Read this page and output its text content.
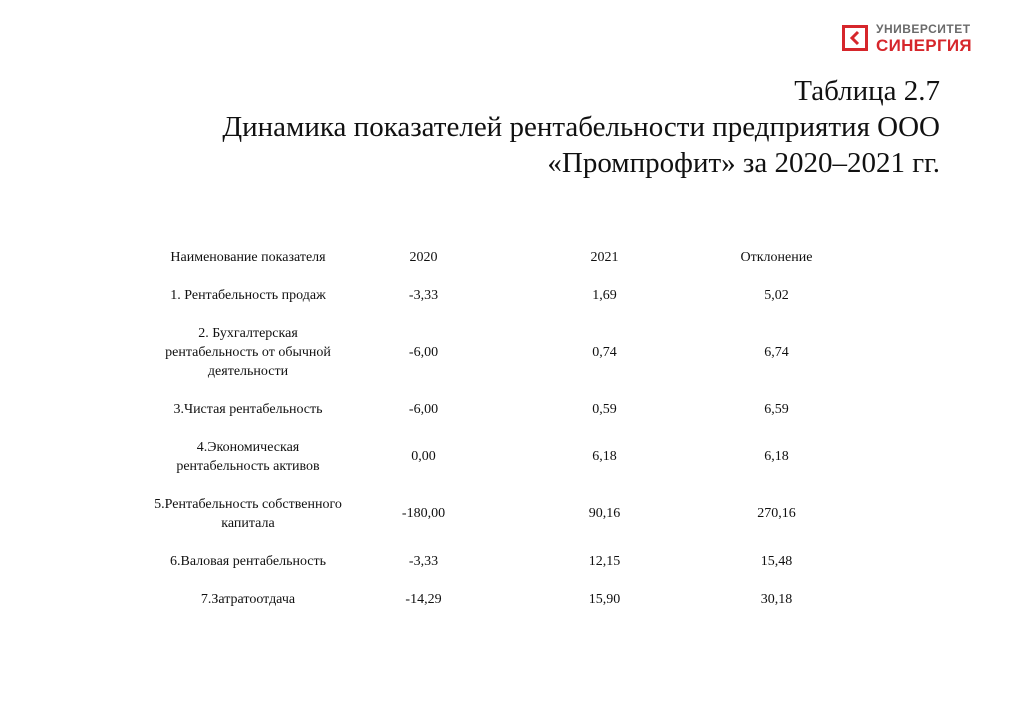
УНИВЕРСИТЕТ
СИНЕРГИЯ
Таблица 2.7
Динамика показателей рентабельности предприятия ООО
«Промпрофит» за 2020–2021 гг.
Наименование показателя	2020	2021	Отклонение
1. Рентабельность продаж	-3,33	1,69	5,02
2. Бухгалтерская рентабельность от обычной деятельности	-6,00	0,74	6,74
3.Чистая рентабельность	-6,00	0,59	6,59
4.Экономическая рентабельность активов	0,00	6,18	6,18
5.Рентабельность собственного капитала	-180,00	90,16	270,16
6.Валовая рентабельность	-3,33	12,15	15,48
7.Затратоотдача	-14,29	15,90	30,18
